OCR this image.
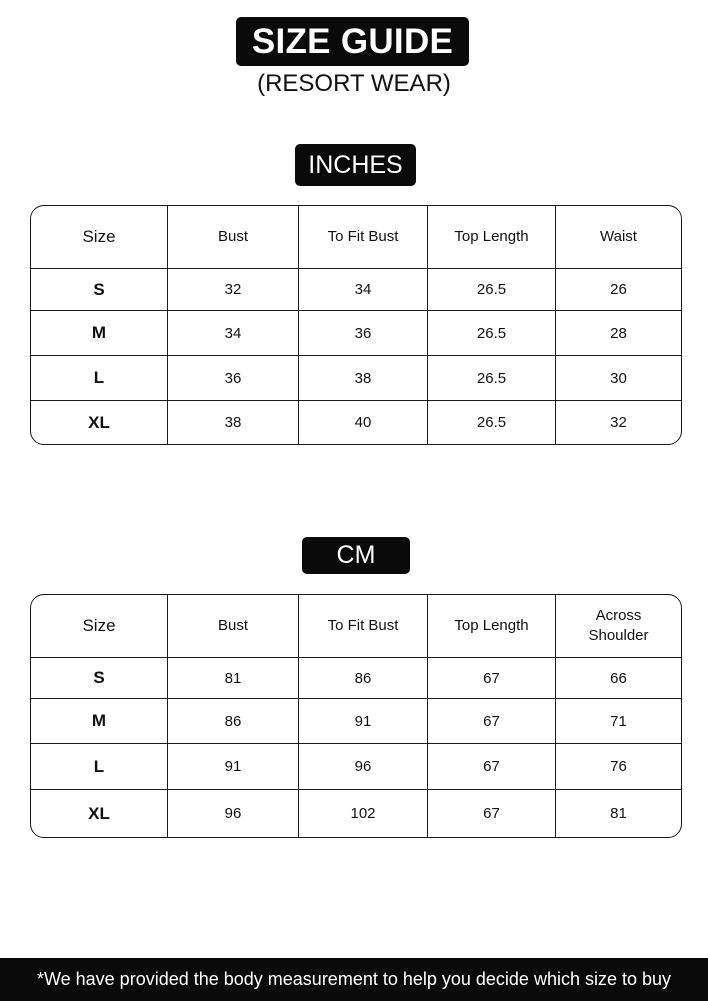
SIZE GUIDE
(RESORT WEAR)
INCHES
Size	Bust	To Fit Bust	Top Length	Waist
S	32	34	26.5	26
M	34	36	26.5	28
L	36	38	26.5	30
XL	38	40	26.5	32
CM
Size	Bust	To Fit Bust	Top Length	Across Shoulder
S	81	86	67	66
M	86	91	67	71
L	91	96	67	76
XL	96	102	67	81
*We have provided the body measurement to help you decide which size to buy
